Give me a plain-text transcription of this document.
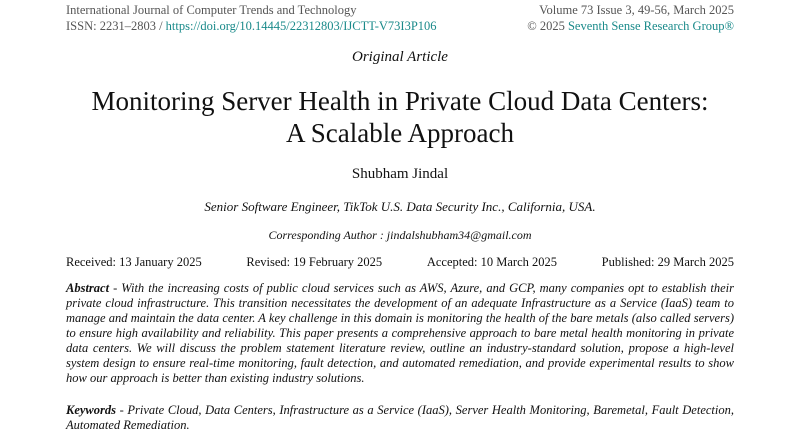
International Journal of Computer Trends and Technology
ISSN: 2231–2803 / https://doi.org/10.14445/22312803/IJCTT-V73I3P106
Volume 73 Issue 3, 49-56, March 2025
© 2025 Seventh Sense Research Group®
Original Article
Monitoring Server Health in Private Cloud Data Centers:
A Scalable Approach
Shubham Jindal
Senior Software Engineer, TikTok U.S. Data Security Inc., California, USA.
Corresponding Author : jindalshubham34@gmail.com
Received: 13 January 2025	Revised: 19 February 2025	Accepted: 10 March 2025	Published: 29 March 2025
Abstract - With the increasing costs of public cloud services such as AWS, Azure, and GCP, many companies opt to establish their private cloud infrastructure. This transition necessitates the development of an adequate Infrastructure as a Service (IaaS) team to manage and maintain the data center. A key challenge in this domain is monitoring the health of the bare metals (also called servers) to ensure high availability and reliability. This paper presents a comprehensive approach to bare metal health monitoring in private data centers. We will discuss the problem statement literature review, outline an industry-standard solution, propose a high-level system design to ensure real-time monitoring, fault detection, and automated remediation, and provide experimental results to show how our approach is better than existing industry solutions.
Keywords - Private Cloud, Data Centers, Infrastructure as a Service (IaaS), Server Health Monitoring, Baremetal, Fault Detection, Automated Remediation.
